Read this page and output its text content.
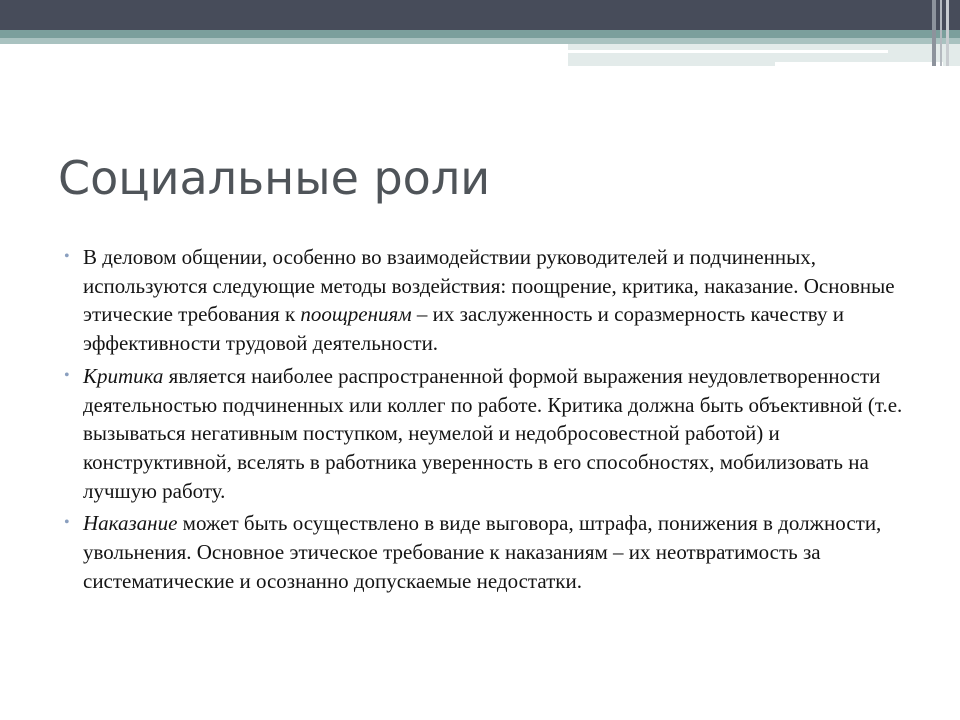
Социальные роли
• В деловом общении, особенно во взаимодействии руководителей и подчиненных, используются следующие методы воздействия: поощрение, критика, наказание. Основные этические требования к поощрениям – их заслуженность и соразмерность качеству и эффективности трудовой деятельности.
• Критика является наиболее распространенной формой выражения неудовлетворенности деятельностью подчиненных или коллег по работе. Критика должна быть объективной (т.е. вызываться негативным поступком, неумелой и недобросовестной работой) и конструктивной, вселять в работника уверенность в его способностях, мобилизовать на лучшую работу.
• Наказание может быть осуществлено в виде выговора, штрафа, понижения в должности, увольнения. Основное этическое требование к наказаниям – их неотвратимость за систематические и осознанно допускаемые недостатки.
